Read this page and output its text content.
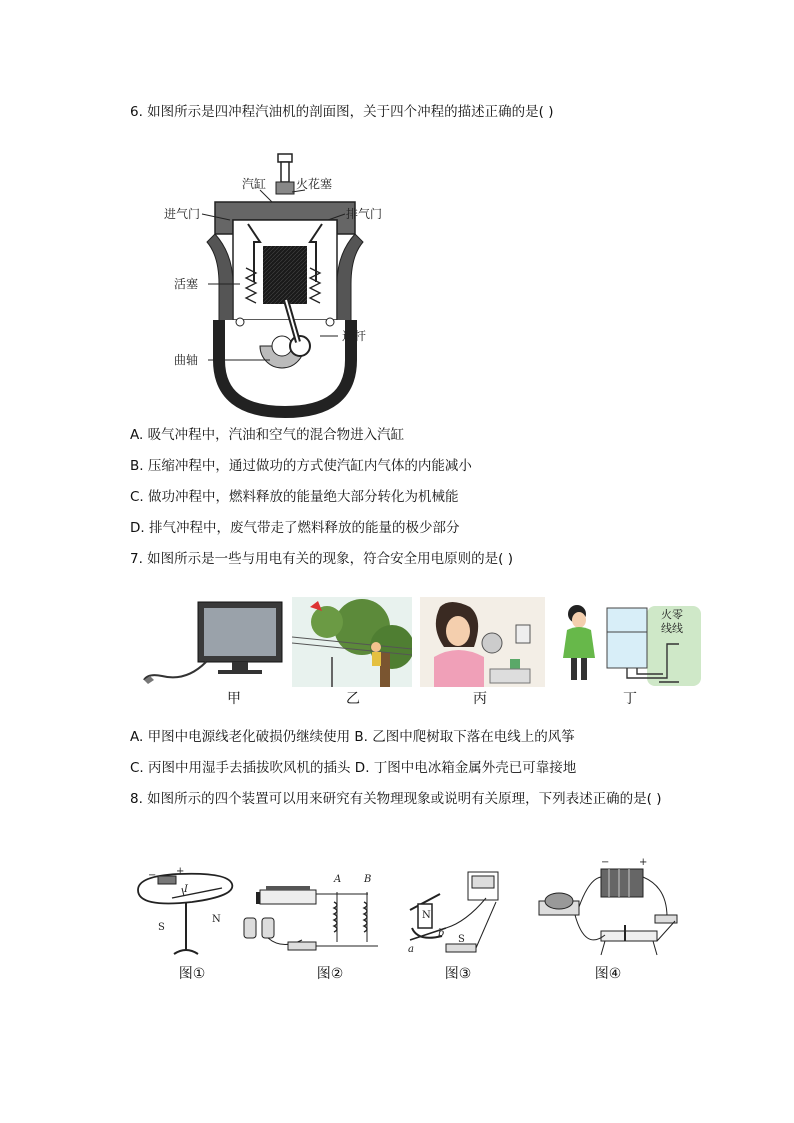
6. 如图所示是四冲程汽油机的剖面图，关于四个冲程的描述正确的是( )
汽缸 火花塞
进气门	排气门
活塞
连杆
曲轴
A. 吸气冲程中，汽油和空气的混合物进入汽缸
B. 压缩冲程中，通过做功的方式使汽缸内气体的内能减小
C. 做功冲程中，燃料释放的能量绝大部分转化为机械能
D. 排气冲程中，废气带走了燃料释放的能量的极少部分
7. 如图所示是一些与用电有关的现象，符合安全用电原则的是( )
火零
线线
甲	乙	丙	丁
A. 甲图中电源线老化破损仍继续使用 B. 乙图中爬树取下落在电线上的风筝
C. 丙图中用湿手去插拔吹风机的插头 D. 丁图中电冰箱金属外壳已可靠接地
8. 如图所示的四个装置可以用来研究有关物理现象或说明有关原理，下列表述正确的是( )
− +
I
S
N
A B
N
S
a
b
−	+
图①	图②	图③	图④
